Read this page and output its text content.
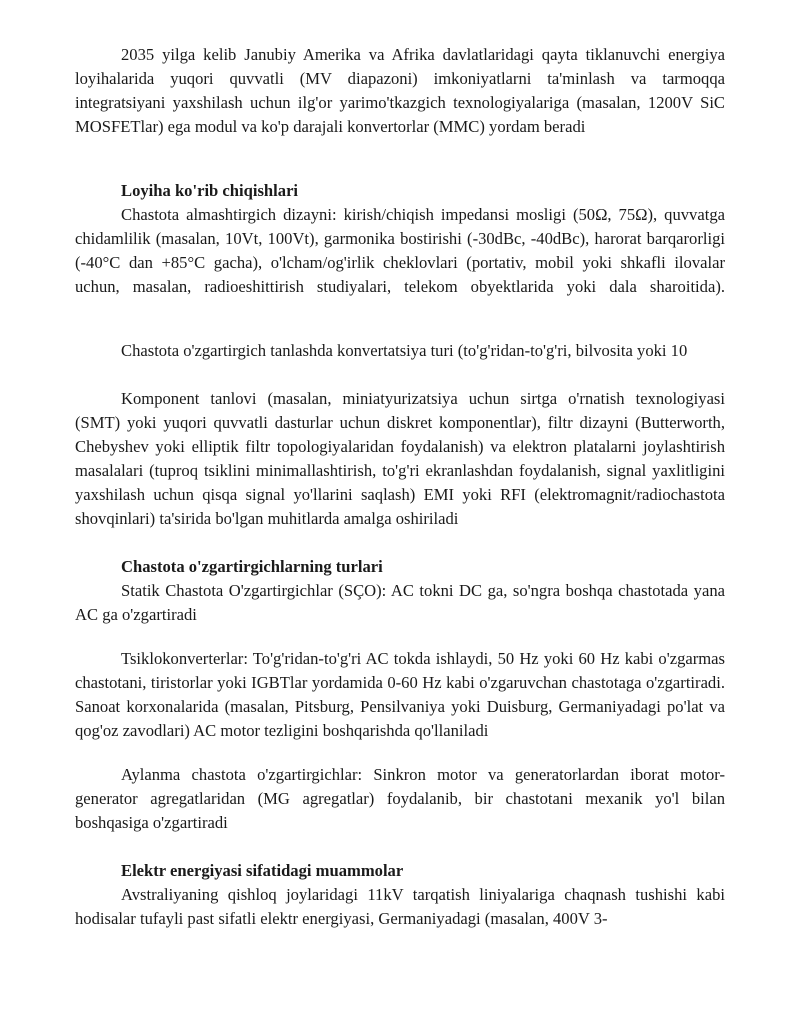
2035 yilga kelib Janubiy Amerika va Afrika davlatlaridagi qayta tiklanuvchi energiya loyihalarida yuqori quvvatli (MV diapazoni) imkoniyatlarni ta'minlash va tarmoqqa integratsiyani yaxshilash uchun ilg'or yarimo'tkazgich texnologiyalariga (masalan, 1200V SiC MOSFETlar) ega modul va ko'p darajali konvertorlar (MMC) yordam beradi

Loyiha ko'rib chiqishlari

Chastota almashtirgich dizayni: kirish/chiqish impedansi mosligi (50Ω, 75Ω), quvvatga chidamlilik (masalan, 10Vt, 100Vt), garmonika bostirishi (-30dBc, -40dBc), harorat barqarorligi (-40°C dan +85°C gacha), o'lcham/og'irlik cheklovlari (portativ, mobil yoki shkafli ilovalar uchun, masalan, radioeshittirish studiyalari, telekom obyektlarida yoki dala sharoitida).

Chastota o'zgartirgich tanlashda konvertatsiya turi (to'g'ridan-to'g'ri, bilvosita yoki 10

Komponent tanlovi (masalan, miniatyurizatsiya uchun sirtga o'rnatish texnologiyasi (SMT) yoki yuqori quvvatli dasturlar uchun diskret komponentlar), filtr dizayni (Butterworth, Chebyshev yoki elliptik filtr topologiyalaridan foydalanish) va elektron platalarni joylashtirish masalalari (tuproq tsiklini minimallashtirish, to'g'ri ekranlashdan foydalanish, signal yaxlitligini yaxshilash uchun qisqa signal yo'llarini saqlash) EMI yoki RFI (elektromagnit/radiochastota shovqinlari) ta'sirida bo'lgan muhitlarda amalga oshiriladi

Chastota o'zgartirgichlarning turlari

Statik Chastota O'zgartirgichlar (SÇO): AC tokni DC ga, so'ngra boshqa chastotada yana AC ga o'zgartiradi

Tsiklokonverterlar: To'g'ridan-to'g'ri AC tokda ishlaydi, 50 Hz yoki 60 Hz kabi o'zgarmas chastotani, tiristorlar yoki IGBTlar yordamida 0-60 Hz kabi o'zgaruvchan chastotaga o'zgartiradi. Sanoat korxonalarida (masalan, Pitsburg, Pensilvaniya yoki Duisburg, Germaniyadagi po'lat va qog'oz zavodlari) AC motor tezligini boshqarishda qo'llaniladi

Aylanma chastota o'zgartirgichlar: Sinkron motor va generatorlardan iborat motor-generator agregatlaridan (MG agregatlar) foydalanib, bir chastotani mexanik yo'l bilan boshqasiga o'zgartiradi

Elektr energiyasi sifatidagi muammolar

Avstraliyaning qishloq joylaridagi 11kV tarqatish liniyalariga chaqnash tushishi kabi hodisalar tufayli past sifatli elektr energiyasi, Germaniyadagi (masalan, 400V 3-
